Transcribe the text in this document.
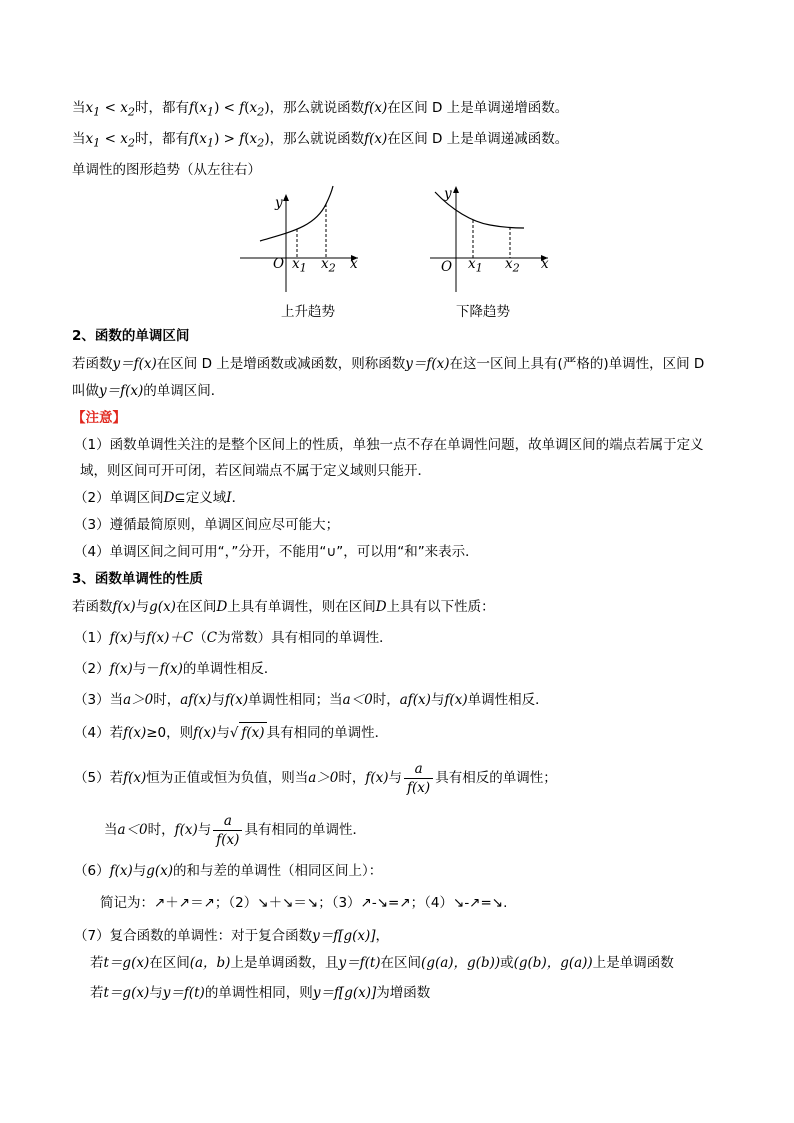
当$x_1 < x_2$时，都有$f(x_1) < f(x_2)$，那么就说函数f(x)在区间 D 上是单调递增函数。
当$x_1 < x_2$时，都有$f(x_1) > f(x_2)$，那么就说函数f(x)在区间 D 上是单调递减函数。
单调性的图形趋势（从左往右）
y
O $x_1$ $x_2$ x
上升趋势
y
O $x_1$ $x_2$ x
下降趋势
2、函数的单调区间
若函数y＝f(x)在区间 D 上是增函数或减函数，则称函数y＝f(x)在这一区间上具有(严格的)单调性，区间 D
叫做y＝f(x)的单调区间．
【注意】
（1）函数单调性关注的是整个区间上的性质，单独一点不存在单调性问题，故单调区间的端点若属于定义
域，则区间可开可闭，若区间端点不属于定义域则只能开．
（2）单调区间D⊆定义域I．
（3）遵循最简原则，单调区间应尽可能大；
（4）单调区间之间可用“，”分开，不能用“∪”，可以用“和”来表示．
3、函数单调性的性质
若函数f(x)与g(x)在区间D上具有单调性，则在区间D上具有以下性质：
（1）f(x)与f(x)＋C（C为常数）具有相同的单调性．
（2）f(x)与－f(x)的单调性相反．
（3）当a＞0时，af(x)与f(x)单调性相同；当a＜0时，af(x)与f(x)单调性相反．
（4）若f(x)≥0，则f(x)与√ f(x) 具有相同的单调性．
（5）若f(x)恒为正值或恒为负值，则当a＞0时，f(x)与 $\frac{a}{f(x)}$ 具有相反的单调性；
当a＜0时，f(x)与 $\frac{a}{f(x)}$ 具有相同的单调性．
（6）f(x)与g(x)的和与差的单调性（相同区间上）：
简记为：↗＋↗＝↗；（2）↘＋↘＝↘；（3）↗-↘=↗；（4）↘-↗=↘.
（7）复合函数的单调性：对于复合函数y＝f[g(x)]，
若t＝g(x)在区间(a，b)上是单调函数，且y＝f(t)在区间(g(a)，g(b))或(g(b)，g(a))上是单调函数
若t＝g(x)与y＝f(t)的单调性相同，则y＝f[g(x)]为增函数
